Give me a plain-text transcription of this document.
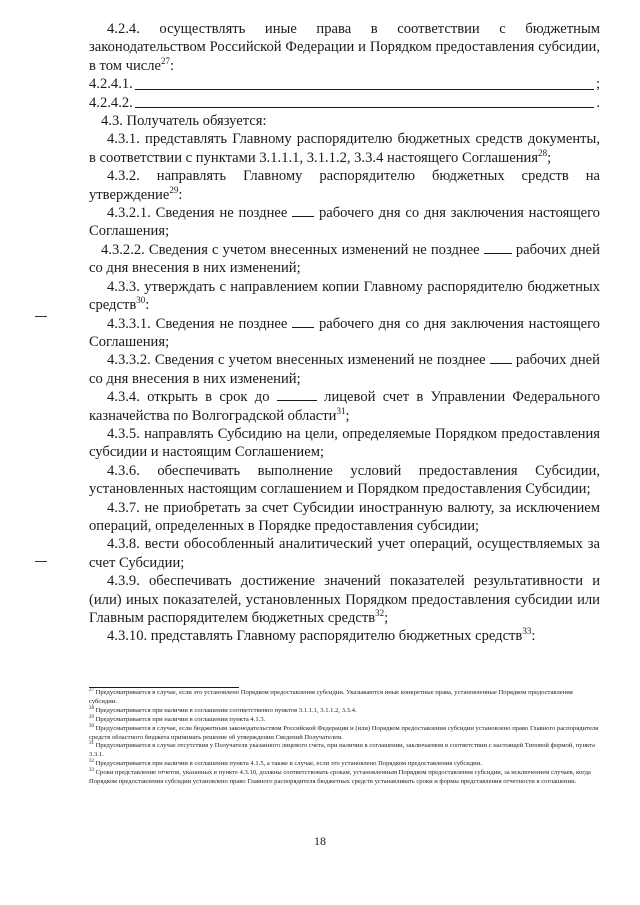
4.2.4. осуществлять иные права в соответствии с бюджетным законодательством Российской Федерации и Порядком предоставления субсидии, в том числе$^{27}$:

4.2.4.1.	;

4.2.4.2.	.

4.3. Получатель обязуется:

4.3.1. представлять Главному распорядителю бюджетных средств документы, в соответствии с пунктами 3.1.1.1, 3.1.1.2, 3.3.4 настоящего Соглашения$^{28}$;

4.3.2. направлять Главному распорядителю бюджетных средств на утверждение$^{29}$:

4.3.2.1. Сведения не позднее рабочего дня со дня заключения настоящего Соглашения;

4.3.2.2. Сведения с учетом внесенных изменений не позднее рабочих дней со дня внесения в них изменений;

4.3.3. утверждать с направлением копии Главному распорядителю бюджетных средств$^{30}$:

4.3.3.1. Сведения не позднее рабочего дня со дня заключения настоящего Соглашения;

4.3.3.2. Сведения с учетом внесенных изменений не позднее рабочих дней со дня внесения в них изменений;

4.3.4. открыть в срок до	лицевой счет в Управлении Федерального казначейства по Волгоградской области$^{31}$;

4.3.5. направлять Субсидию на цели, определяемые Порядком предоставления субсидии и настоящим Соглашением;

4.3.6. обеспечивать выполнение условий предоставления Субсидии, установленных настоящим соглашением и Порядком предоставления Субсидии;

4.3.7. не приобретать за счет Субсидии иностранную валюту, за исключением операций, определенных в Порядке предоставления субсидии;

4.3.8. вести обособленный аналитический учет операций, осуществляемых за счет Субсидии;

4.3.9. обеспечивать достижение значений показателей результативности и (или) иных показателей, установленных Порядком предоставления субсидии или Главным распорядителем бюджетных средств$^{32}$;

4.3.10. представлять Главному распорядителю бюджетных средств$^{33}$:

$^{27}$ Предусматривается в случае, если это установлено Порядком предоставления субсидии. Указываются иные конкретные права, установленные Порядком предоставления субсидии.

$^{28}$ Предусматривается при наличии в соглашении соответственно пунктов 3.1.1.1, 3.1.1.2, 3.3.4.

$^{29}$ Предусматривается при наличии в соглашении пункта 4.1.3.

$^{30}$ Предусматривается в случае, если бюджетным законодательством Российской Федерации и (или) Порядком предоставления субсидии установлено право Главного распорядителя средств областного бюджета принимать решение об утверждении Сведений Получателем.

$^{31}$ Предусматривается в случае отсутствия у Получателя указанного лицевого счета, при наличии в соглашении, заключаемом в соответствии с настоящей Типовой формой, пункта 3.3.1.

$^{32}$ Предусматривается при наличии в соглашении пункта 4.1.5, а также в случае, если это установлено Порядком предоставления субсидии.

$^{33}$ Сроки представление отчетов, указанных в пункте 4.3.10, должны соответствовать срокам, установленным Порядком предоставления субсидии, за исключением случаев, когда Порядком предоставления субсидии установлено право Главного распорядителя бюджетных средств устанавливать сроки и формы представления отчетности в соглашении.

18
